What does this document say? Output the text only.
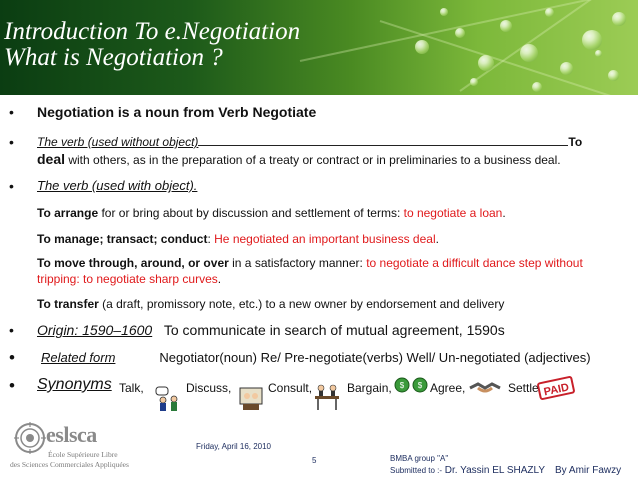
Introduction To e.Negotiation
What is Negotiation ?
• Negotiation is a noun from Verb Negotiate
• The verb (used without object)	To
deal with others, as in the preparation of a treaty or contract or in preliminaries to a business deal.
• The verb (used with object).
To arrange for or bring about by discussion and settlement of terms: to negotiate a loan.
To manage; transact; conduct: He negotiated an important business deal.
To move through, around, or over in a satisfactory manner: to negotiate a difficult dance step without tripping: to negotiate sharp curves.
To transfer (a draft, promissory note, etc.) to a new owner by endorsement and delivery
• Origin: 1590–1600 To communicate in search of mutual agreement, 1590s
•	Related form	Negotiator(noun) Re/ Pre-negotiate(verbs) Well/ Un-negotiated (adjectives)
• Synonyms Talk,	Discuss,	Consult,	Bargain,	Agree,	Settle
$ $	PAID
eslsca
École Supérieure Libre
des Sciences Commerciales Appliquées
Friday, April 16, 2010
5	BMBA group "A"
Submitted to :- Dr. Yassin EL SHAZLY By Amir Fawzy
